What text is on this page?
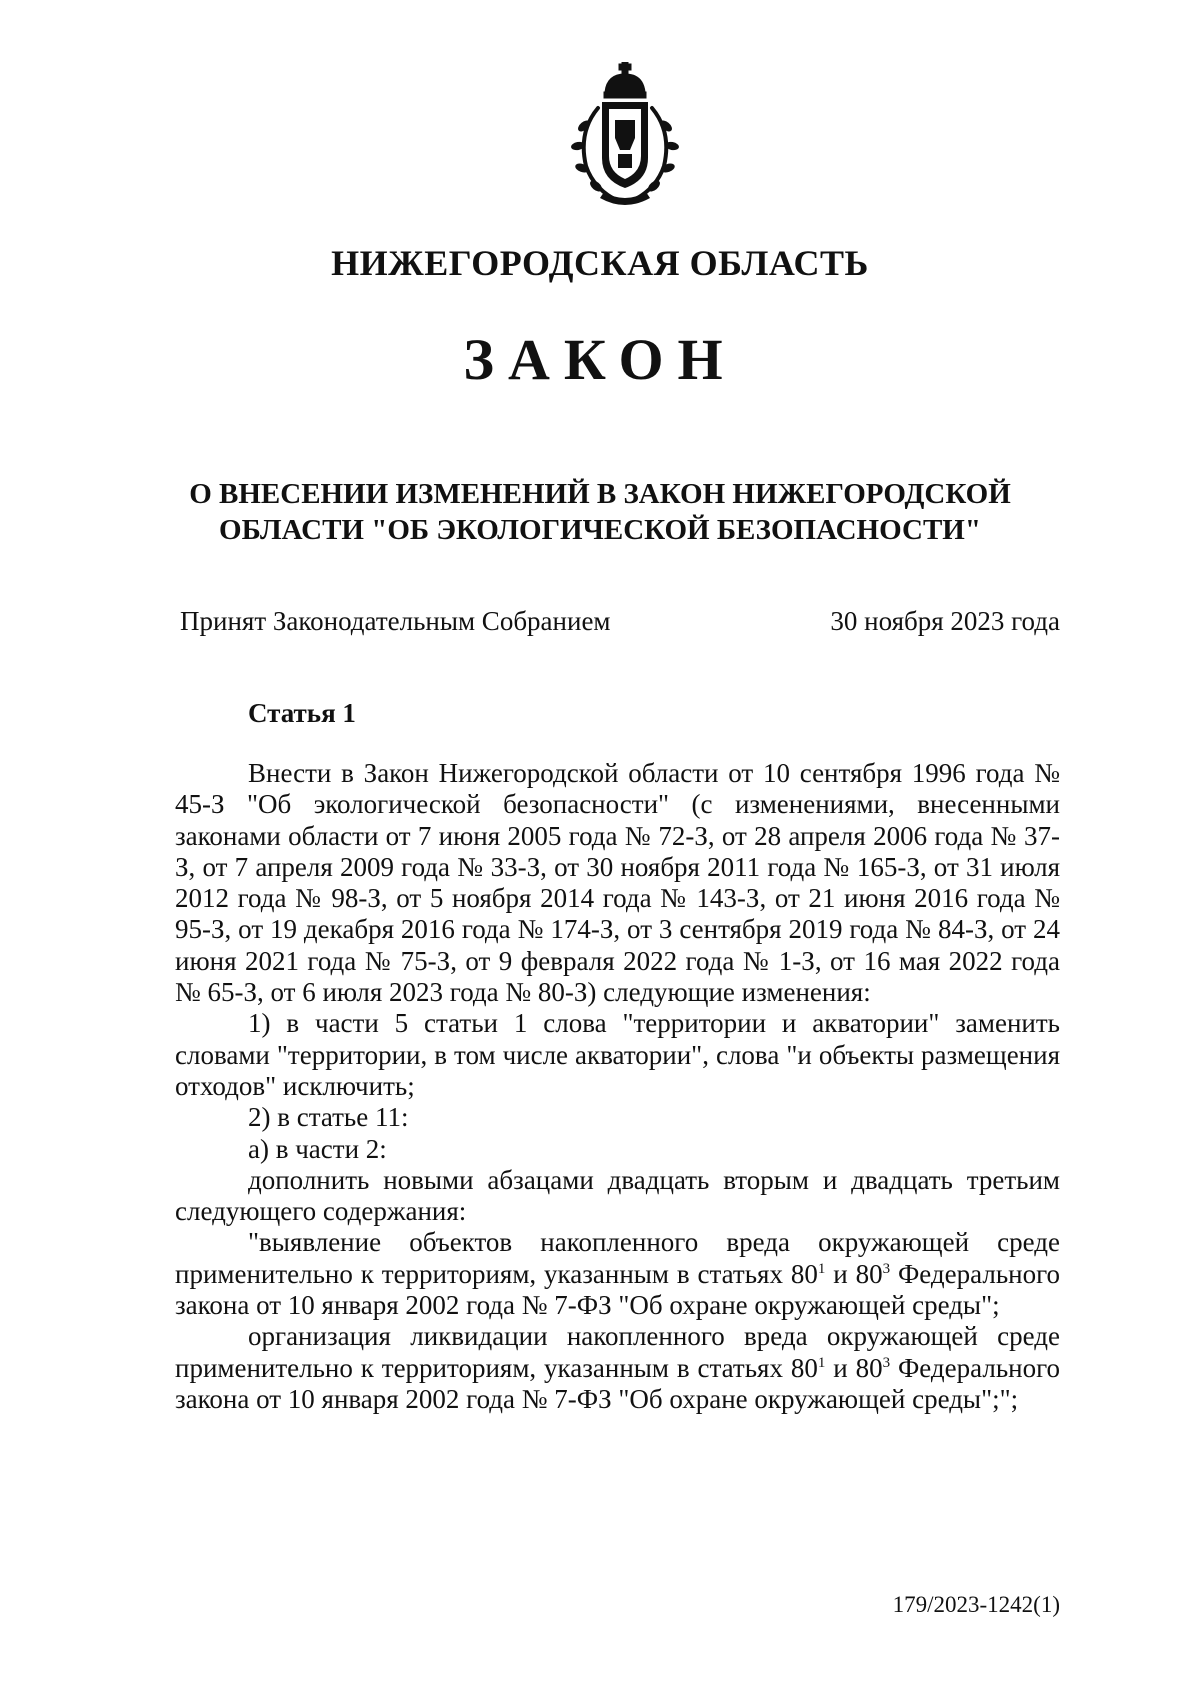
НИЖЕГОРОДСКАЯ ОБЛАСТЬ
ЗАКОН
О ВНЕСЕНИИ ИЗМЕНЕНИЙ В ЗАКОН НИЖЕГОРОДСКОЙ ОБЛАСТИ "ОБ ЭКОЛОГИЧЕСКОЙ БЕЗОПАСНОСТИ"
Принят Законодательным Собранием	30 ноября 2023 года
Статья 1

Внести в Закон Нижегородской области от 10 сентября 1996 года № 45-З "Об экологической безопасности" (с изменениями, внесенными законами области от 7 июня 2005 года № 72-З, от 28 апреля 2006 года № 37-З, от 7 апреля 2009 года № 33-З, от 30 ноября 2011 года № 165-З, от 31 июля 2012 года № 98-З, от 5 ноября 2014 года № 143-З, от 21 июня 2016 года № 95-З, от 19 декабря 2016 года № 174-З, от 3 сентября 2019 года № 84-З, от 24 июня 2021 года № 75-З, от 9 февраля 2022 года № 1-З, от 16 мая 2022 года № 65-З, от 6 июля 2023 года № 80-З) следующие изменения:

1) в части 5 статьи 1 слова "территории и акватории" заменить словами "территории, в том числе акватории", слова "и объекты размещения отходов" исключить;

2) в статье 11:

а) в части 2:

дополнить новыми абзацами двадцать вторым и двадцать третьим следующего содержания:

"выявление объектов накопленного вреда окружающей среде применительно к территориям, указанным в статьях $80^1$ и $80^3$ Федерального закона от 10 января 2002 года № 7-ФЗ "Об охране окружающей среды";

организация ликвидации накопленного вреда окружающей среде применительно к территориям, указанным в статьях $80^1$ и $80^3$ Федерального закона от 10 января 2002 года № 7-ФЗ "Об охране окружающей среды";";

179/2023-1242(1)
